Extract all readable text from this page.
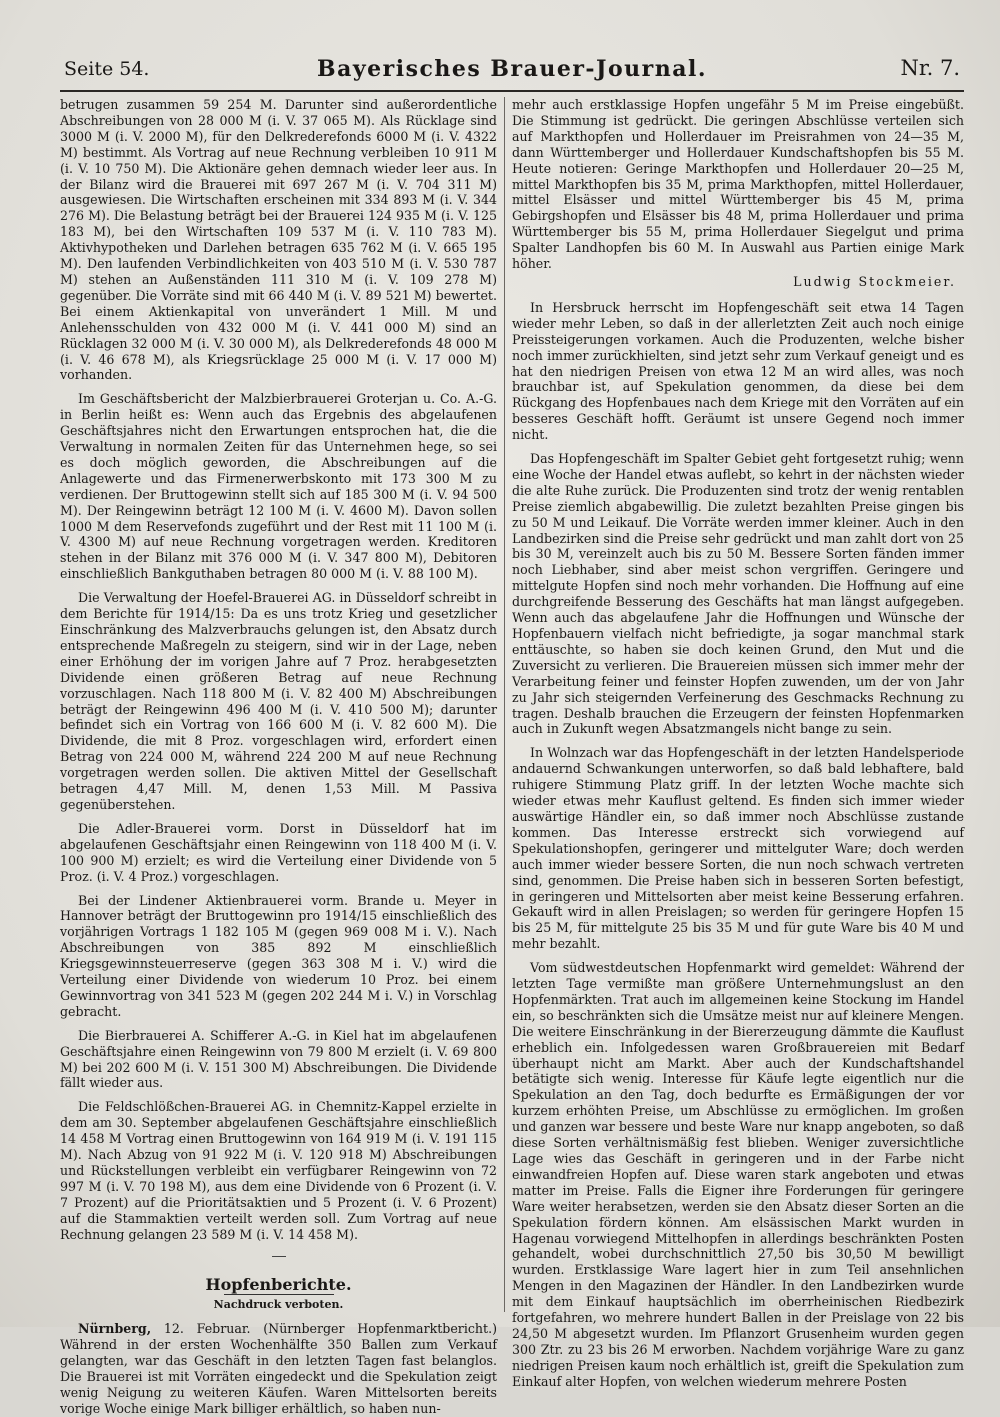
Seite 54.	Bayerisches Brauer-Journal.	Nr. 7.

betrugen zusammen 59 254 M. Darunter sind außerordentliche Abschreibungen von 28 000 M (i. V. 37 065 M). Als Rücklage sind 3000 M (i. V. 2000 M), für den Delkrederefonds 6000 M (i. V. 4322 M) bestimmt. Als Vortrag auf neue Rechnung verbleiben 10 911 M (i. V. 10 750 M). Die Aktionäre gehen demnach wieder leer aus. In der Bilanz wird die Brauerei mit 697 267 M (i. V. 704 311 M) ausgewiesen. Die Wirtschaften erscheinen mit 334 893 M (i. V. 344 276 M). Die Belastung beträgt bei der Brauerei 124 935 M (i. V. 125 183 M), bei den Wirtschaften 109 537 M (i. V. 110 783 M). Aktivhypotheken und Darlehen betragen 635 762 M (i. V. 665 195 M). Den laufenden Verbindlichkeiten von 403 510 M (i. V. 530 787 M) stehen an Außenständen 111 310 M (i. V. 109 278 M) gegenüber. Die Vorräte sind mit 66 440 M (i. V. 89 521 M) bewertet. Bei einem Aktienkapital von unverändert 1 Mill. M und Anlehensschulden von 432 000 M (i. V. 441 000 M) sind an Rücklagen 32 000 M (i. V. 30 000 M), als Delkrederefonds 48 000 M (i. V. 46 678 M), als Kriegsrücklage 25 000 M (i. V. 17 000 M) vorhanden.

Im Geschäftsbericht der Malzbierbrauerei Groterjan u. Co. A.-G. in Berlin heißt es: Wenn auch das Ergebnis des abgelaufenen Geschäftsjahres nicht den Erwartungen entsprochen hat, die die Verwaltung in normalen Zeiten für das Unternehmen hege, so sei es doch möglich geworden, die Abschreibungen auf die Anlagewerte und das Firmenerwerbskonto mit 173 300 M zu verdienen. Der Bruttogewinn stellt sich auf 185 300 M (i. V. 94 500 M). Der Reingewinn beträgt 12 100 M (i. V. 4600 M). Davon sollen 1000 M dem Reservefonds zugeführt und der Rest mit 11 100 M (i. V. 4300 M) auf neue Rechnung vorgetragen werden. Kreditoren stehen in der Bilanz mit 376 000 M (i. V. 347 800 M), Debitoren einschließlich Bankguthaben betragen 80 000 M (i. V. 88 100 M).

Die Verwaltung der Hoefel-Brauerei AG. in Düsseldorf schreibt in dem Berichte für 1914/15: Da es uns trotz Krieg und gesetzlicher Einschränkung des Malzverbrauchs gelungen ist, den Absatz durch entsprechende Maßregeln zu steigern, sind wir in der Lage, neben einer Erhöhung der im vorigen Jahre auf 7 Proz. herabgesetzten Dividende einen größeren Betrag auf neue Rechnung vorzuschlagen. Nach 118 800 M (i. V. 82 400 M) Abschreibungen beträgt der Reingewinn 496 400 M (i. V. 410 500 M); darunter befindet sich ein Vortrag von 166 600 M (i. V. 82 600 M). Die Dividende, die mit 8 Proz. vorgeschlagen wird, erfordert einen Betrag von 224 000 M, während 224 200 M auf neue Rechnung vorgetragen werden sollen. Die aktiven Mittel der Gesellschaft betragen 4,47 Mill. M, denen 1,53 Mill. M Passiva gegenüberstehen.

Die Adler-Brauerei vorm. Dorst in Düsseldorf hat im abgelaufenen Geschäftsjahr einen Reingewinn von 118 400 M (i. V. 100 900 M) erzielt; es wird die Verteilung einer Dividende von 5 Proz. (i. V. 4 Proz.) vorgeschlagen.

Bei der Lindener Aktienbrauerei vorm. Brande u. Meyer in Hannover beträgt der Bruttogewinn pro 1914/15 einschließlich des vorjährigen Vortrags 1 182 105 M (gegen 969 008 M i. V.). Nach Abschreibungen von 385 892 M einschließlich Kriegsgewinnsteuerreserve (gegen 363 308 M i. V.) wird die Verteilung einer Dividende von wiederum 10 Proz. bei einem Gewinnvortrag von 341 523 M (gegen 202 244 M i. V.) in Vorschlag gebracht.

Die Bierbrauerei A. Schifferer A.-G. in Kiel hat im abgelaufenen Geschäftsjahre einen Reingewinn von 79 800 M erzielt (i. V. 69 800 M) bei 202 600 M (i. V. 151 300 M) Abschreibungen. Die Dividende fällt wieder aus.

Die Feldschlößchen-Brauerei AG. in Chemnitz-Kappel erzielte in dem am 30. September abgelaufenen Geschäftsjahre einschließlich 14 458 M Vortrag einen Bruttogewinn von 164 919 M (i. V. 191 115 M). Nach Abzug von 91 922 M (i. V. 120 918 M) Abschreibungen und Rückstellungen verbleibt ein verfügbarer Reingewinn von 72 997 M (i. V. 70 198 M), aus dem eine Dividende von 6 Prozent (i. V. 7 Prozent) auf die Prioritätsaktien und 5 Prozent (i. V. 6 Prozent) auf die Stammaktien verteilt werden soll. Zum Vortrag auf neue Rechnung gelangen 23 589 M (i. V. 14 458 M).

Hopfenberichte.
Nachdruck verboten.

Nürnberg, 12. Februar. (Nürnberger Hopfenmarktbericht.) Während in der ersten Wochenhälfte 350 Ballen zum Verkauf gelangten, war das Geschäft in den letzten Tagen fast belanglos. Die Brauerei ist mit Vorräten eingedeckt und die Spekulation zeigt wenig Neigung zu weiteren Käufen. Waren Mittelsorten bereits vorige Woche einige Mark billiger erhältlich, so haben nun-

mehr auch erstklassige Hopfen ungefähr 5 M im Preise eingebüßt. Die Stimmung ist gedrückt. Die geringen Abschlüsse verteilen sich auf Markthopfen und Hollerdauer im Preisrahmen von 24—35 M, dann Württemberger und Hollerdauer Kundschaftshopfen bis 55 M. Heute notieren: Geringe Markthopfen und Hollerdauer 20—25 M, mittel Markthopfen bis 35 M, prima Markthopfen, mittel Hollerdauer, mittel Elsässer und mittel Württemberger bis 45 M, prima Gebirgshopfen und Elsässer bis 48 M, prima Hollerdauer und prima Württemberger bis 55 M, prima Hollerdauer Siegelgut und prima Spalter Landhopfen bis 60 M. In Auswahl aus Partien einige Mark höher.

Ludwig Stockmeier.

In Hersbruck herrscht im Hopfengeschäft seit etwa 14 Tagen wieder mehr Leben, so daß in der allerletzten Zeit auch noch einige Preissteigerungen vorkamen. Auch die Produzenten, welche bisher noch immer zurückhielten, sind jetzt sehr zum Verkauf geneigt und es hat den niedrigen Preisen von etwa 12 M an wird alles, was noch brauchbar ist, auf Spekulation genommen, da diese bei dem Rückgang des Hopfenbaues nach dem Kriege mit den Vorräten auf ein besseres Geschäft hofft. Geräumt ist unsere Gegend noch immer nicht.

Das Hopfengeschäft im Spalter Gebiet geht fortgesetzt ruhig; wenn eine Woche der Handel etwas auflebt, so kehrt in der nächsten wieder die alte Ruhe zurück. Die Produzenten sind trotz der wenig rentablen Preise ziemlich abgabewillig. Die zuletzt bezahlten Preise gingen bis zu 50 M und Leikauf. Die Vorräte werden immer kleiner. Auch in den Landbezirken sind die Preise sehr gedrückt und man zahlt dort von 25 bis 30 M, vereinzelt auch bis zu 50 M. Bessere Sorten fänden immer noch Liebhaber, sind aber meist schon vergriffen. Geringere und mittelgute Hopfen sind noch mehr vorhanden. Die Hoffnung auf eine durchgreifende Besserung des Geschäfts hat man längst aufgegeben. Wenn auch das abgelaufene Jahr die Hoffnungen und Wünsche der Hopfenbauern vielfach nicht befriedigte, ja sogar manchmal stark enttäuschte, so haben sie doch keinen Grund, den Mut und die Zuversicht zu verlieren. Die Brauereien müssen sich immer mehr der Verarbeitung feiner und feinster Hopfen zuwenden, um der von Jahr zu Jahr sich steigernden Verfeinerung des Geschmacks Rechnung zu tragen. Deshalb brauchen die Erzeugern der feinsten Hopfenmarken auch in Zukunft wegen Absatzmangels nicht bange zu sein.

In Wolnzach war das Hopfengeschäft in der letzten Handelsperiode andauernd Schwankungen unterworfen, so daß bald lebhaftere, bald ruhigere Stimmung Platz griff. In der letzten Woche machte sich wieder etwas mehr Kauflust geltend. Es finden sich immer wieder auswärtige Händler ein, so daß immer noch Abschlüsse zustande kommen. Das Interesse erstreckt sich vorwiegend auf Spekulationshopfen, geringerer und mittelguter Ware; doch werden auch immer wieder bessere Sorten, die nun noch schwach vertreten sind, genommen. Die Preise haben sich in besseren Sorten befestigt, in geringeren und Mittelsorten aber meist keine Besserung erfahren. Gekauft wird in allen Preislagen; so werden für geringere Hopfen 15 bis 25 M, für mittelgute 25 bis 35 M und für gute Ware bis 40 M und mehr bezahlt.

Vom südwestdeutschen Hopfenmarkt wird gemeldet: Während der letzten Tage vermißte man größere Unternehmungslust an den Hopfenmärkten. Trat auch im allgemeinen keine Stockung im Handel ein, so beschränkten sich die Umsätze meist nur auf kleinere Mengen. Die weitere Einschränkung in der Biererzeugung dämmte die Kauflust erheblich ein. Infolgedessen waren Großbrauereien mit Bedarf überhaupt nicht am Markt. Aber auch der Kundschaftshandel betätigte sich wenig. Interesse für Käufe legte eigentlich nur die Spekulation an den Tag, doch bedurfte es Ermäßigungen der vor kurzem erhöhten Preise, um Abschlüsse zu ermöglichen. Im großen und ganzen war bessere und beste Ware nur knapp angeboten, so daß diese Sorten verhältnismäßig fest blieben. Weniger zuversichtliche Lage wies das Geschäft in geringeren und in der Farbe nicht einwandfreien Hopfen auf. Diese waren stark angeboten und etwas matter im Preise. Falls die Eigner ihre Forderungen für geringere Ware weiter herabsetzen, werden sie den Absatz dieser Sorten an die Spekulation fördern können. Am elsässischen Markt wurden in Hagenau vorwiegend Mittelhopfen in allerdings beschränkten Posten gehandelt, wobei durchschnittlich 27,50 bis 30,50 M bewilligt wurden. Erstklassige Ware lagert hier in zum Teil ansehnlichen Mengen in den Magazinen der Händler. In den Landbezirken wurde mit dem Einkauf hauptsächlich im oberrheinischen Riedbezirk fortgefahren, wo mehrere hundert Ballen in der Preislage von 22 bis 24,50 M abgesetzt wurden. Im Pflanzort Grusenheim wurden gegen 300 Ztr. zu 23 bis 26 M erworben. Nachdem vorjährige Ware zu ganz niedrigen Preisen kaum noch erhältlich ist, greift die Spekulation zum Einkauf alter Hopfen, von welchen wiederum mehrere Posten
